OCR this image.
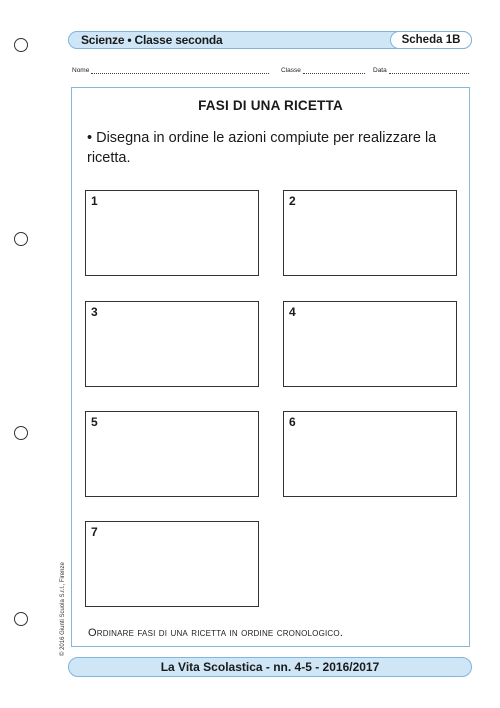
Scienze • Classe seconda	Scheda 1B
Nome	Classe	Data
FASI DI UNA RICETTA
• Disegna in ordine le azioni compiute per realizzare la ricetta.
1	2
3	4
5	6
7
Ordinare fasi di una ricetta in ordine cronologico.
© 2016 Giunti Scuola S.r.l., Firenze
La Vita Scolastica - nn. 4-5 - 2016/2017
